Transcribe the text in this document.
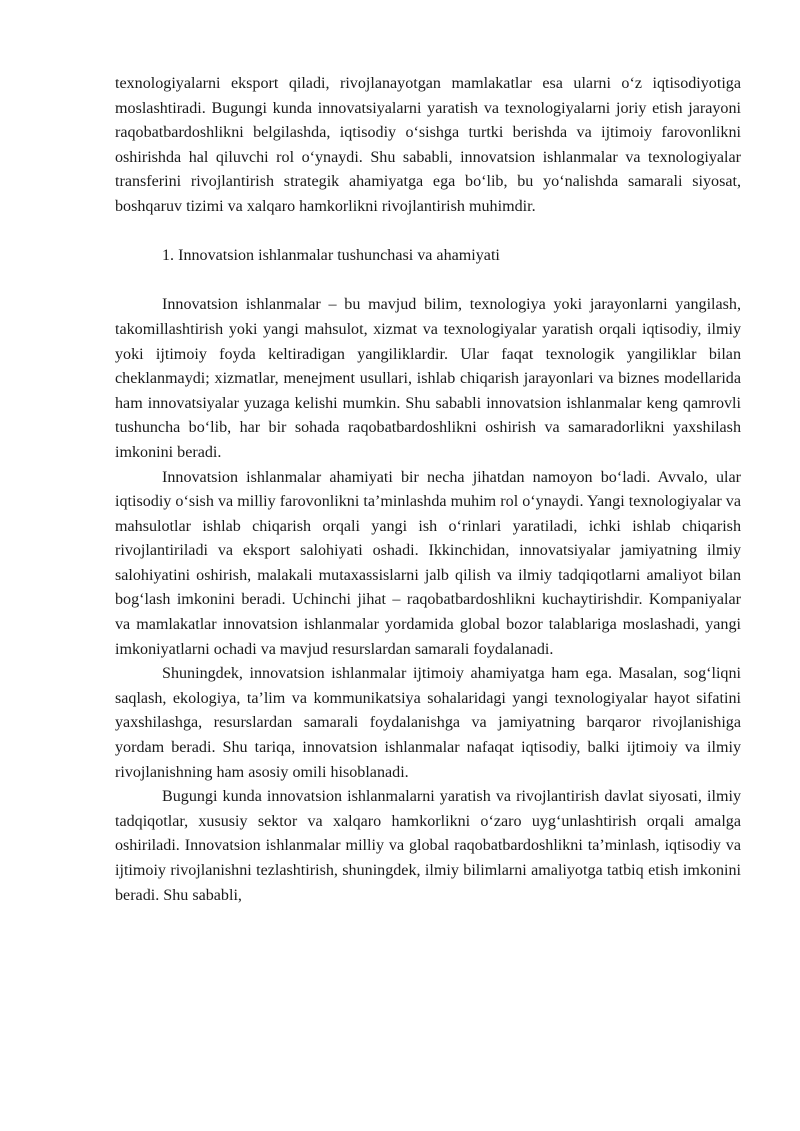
texnologiyalarni eksport qiladi, rivojlanayotgan mamlakatlar esa ularni o‘z iqtisodiyotiga moslashtiradi. Bugungi kunda innovatsiyalarni yaratish va texnologiyalarni joriy etish jarayoni raqobatbardoshlikni belgilashda, iqtisodiy o‘sishga turtki berishda va ijtimoiy farovonlikni oshirishda hal qiluvchi rol o‘ynaydi. Shu sababli, innovatsion ishlanmalar va texnologiyalar transferini rivojlantirish strategik ahamiyatga ega bo‘lib, bu yo‘nalishda samarali siyosat, boshqaruv tizimi va xalqaro hamkorlikni rivojlantirish muhimdir.

1. Innovatsion ishlanmalar tushunchasi va ahamiyati

Innovatsion ishlanmalar – bu mavjud bilim, texnologiya yoki jarayonlarni yangilash, takomillashtirish yoki yangi mahsulot, xizmat va texnologiyalar yaratish orqali iqtisodiy, ilmiy yoki ijtimoiy foyda keltiradigan yangiliklardir. Ular faqat texnologik yangiliklar bilan cheklanmaydi; xizmatlar, menejment usullari, ishlab chiqarish jarayonlari va biznes modellarida ham innovatsiyalar yuzaga kelishi mumkin. Shu sababli innovatsion ishlanmalar keng qamrovli tushuncha bo‘lib, har bir sohada raqobatbardoshlikni oshirish va samaradorlikni yaxshilash imkonini beradi.

Innovatsion ishlanmalar ahamiyati bir necha jihatdan namoyon bo‘ladi. Avvalo, ular iqtisodiy o‘sish va milliy farovonlikni ta’minlashda muhim rol o‘ynaydi. Yangi texnologiyalar va mahsulotlar ishlab chiqarish orqali yangi ish o‘rinlari yaratiladi, ichki ishlab chiqarish rivojlantiriladi va eksport salohiyati oshadi. Ikkinchidan, innovatsiyalar jamiyatning ilmiy salohiyatini oshirish, malakali mutaxassislarni jalb qilish va ilmiy tadqiqotlarni amaliyot bilan bog‘lash imkonini beradi. Uchinchi jihat – raqobatbardoshlikni kuchaytirishdir. Kompaniyalar va mamlakatlar innovatsion ishlanmalar yordamida global bozor talablariga moslashadi, yangi imkoniyatlarni ochadi va mavjud resurslardan samarali foydalanadi.

Shuningdek, innovatsion ishlanmalar ijtimoiy ahamiyatga ham ega. Masalan, sog‘liqni saqlash, ekologiya, ta’lim va kommunikatsiya sohalaridagi yangi texnologiyalar hayot sifatini yaxshilashga, resurslardan samarali foydalanishga va jamiyatning barqaror rivojlanishiga yordam beradi. Shu tariqa, innovatsion ishlanmalar nafaqat iqtisodiy, balki ijtimoiy va ilmiy rivojlanishning ham asosiy omili hisoblanadi.

Bugungi kunda innovatsion ishlanmalarni yaratish va rivojlantirish davlat siyosati, ilmiy tadqiqotlar, xususiy sektor va xalqaro hamkorlikni o‘zaro uyg‘unlashtirish orqali amalga oshiriladi. Innovatsion ishlanmalar milliy va global raqobatbardoshlikni ta’minlash, iqtisodiy va ijtimoiy rivojlanishni tezlashtirish, shuningdek, ilmiy bilimlarni amaliyotga tatbiq etish imkonini beradi. Shu sababli,
